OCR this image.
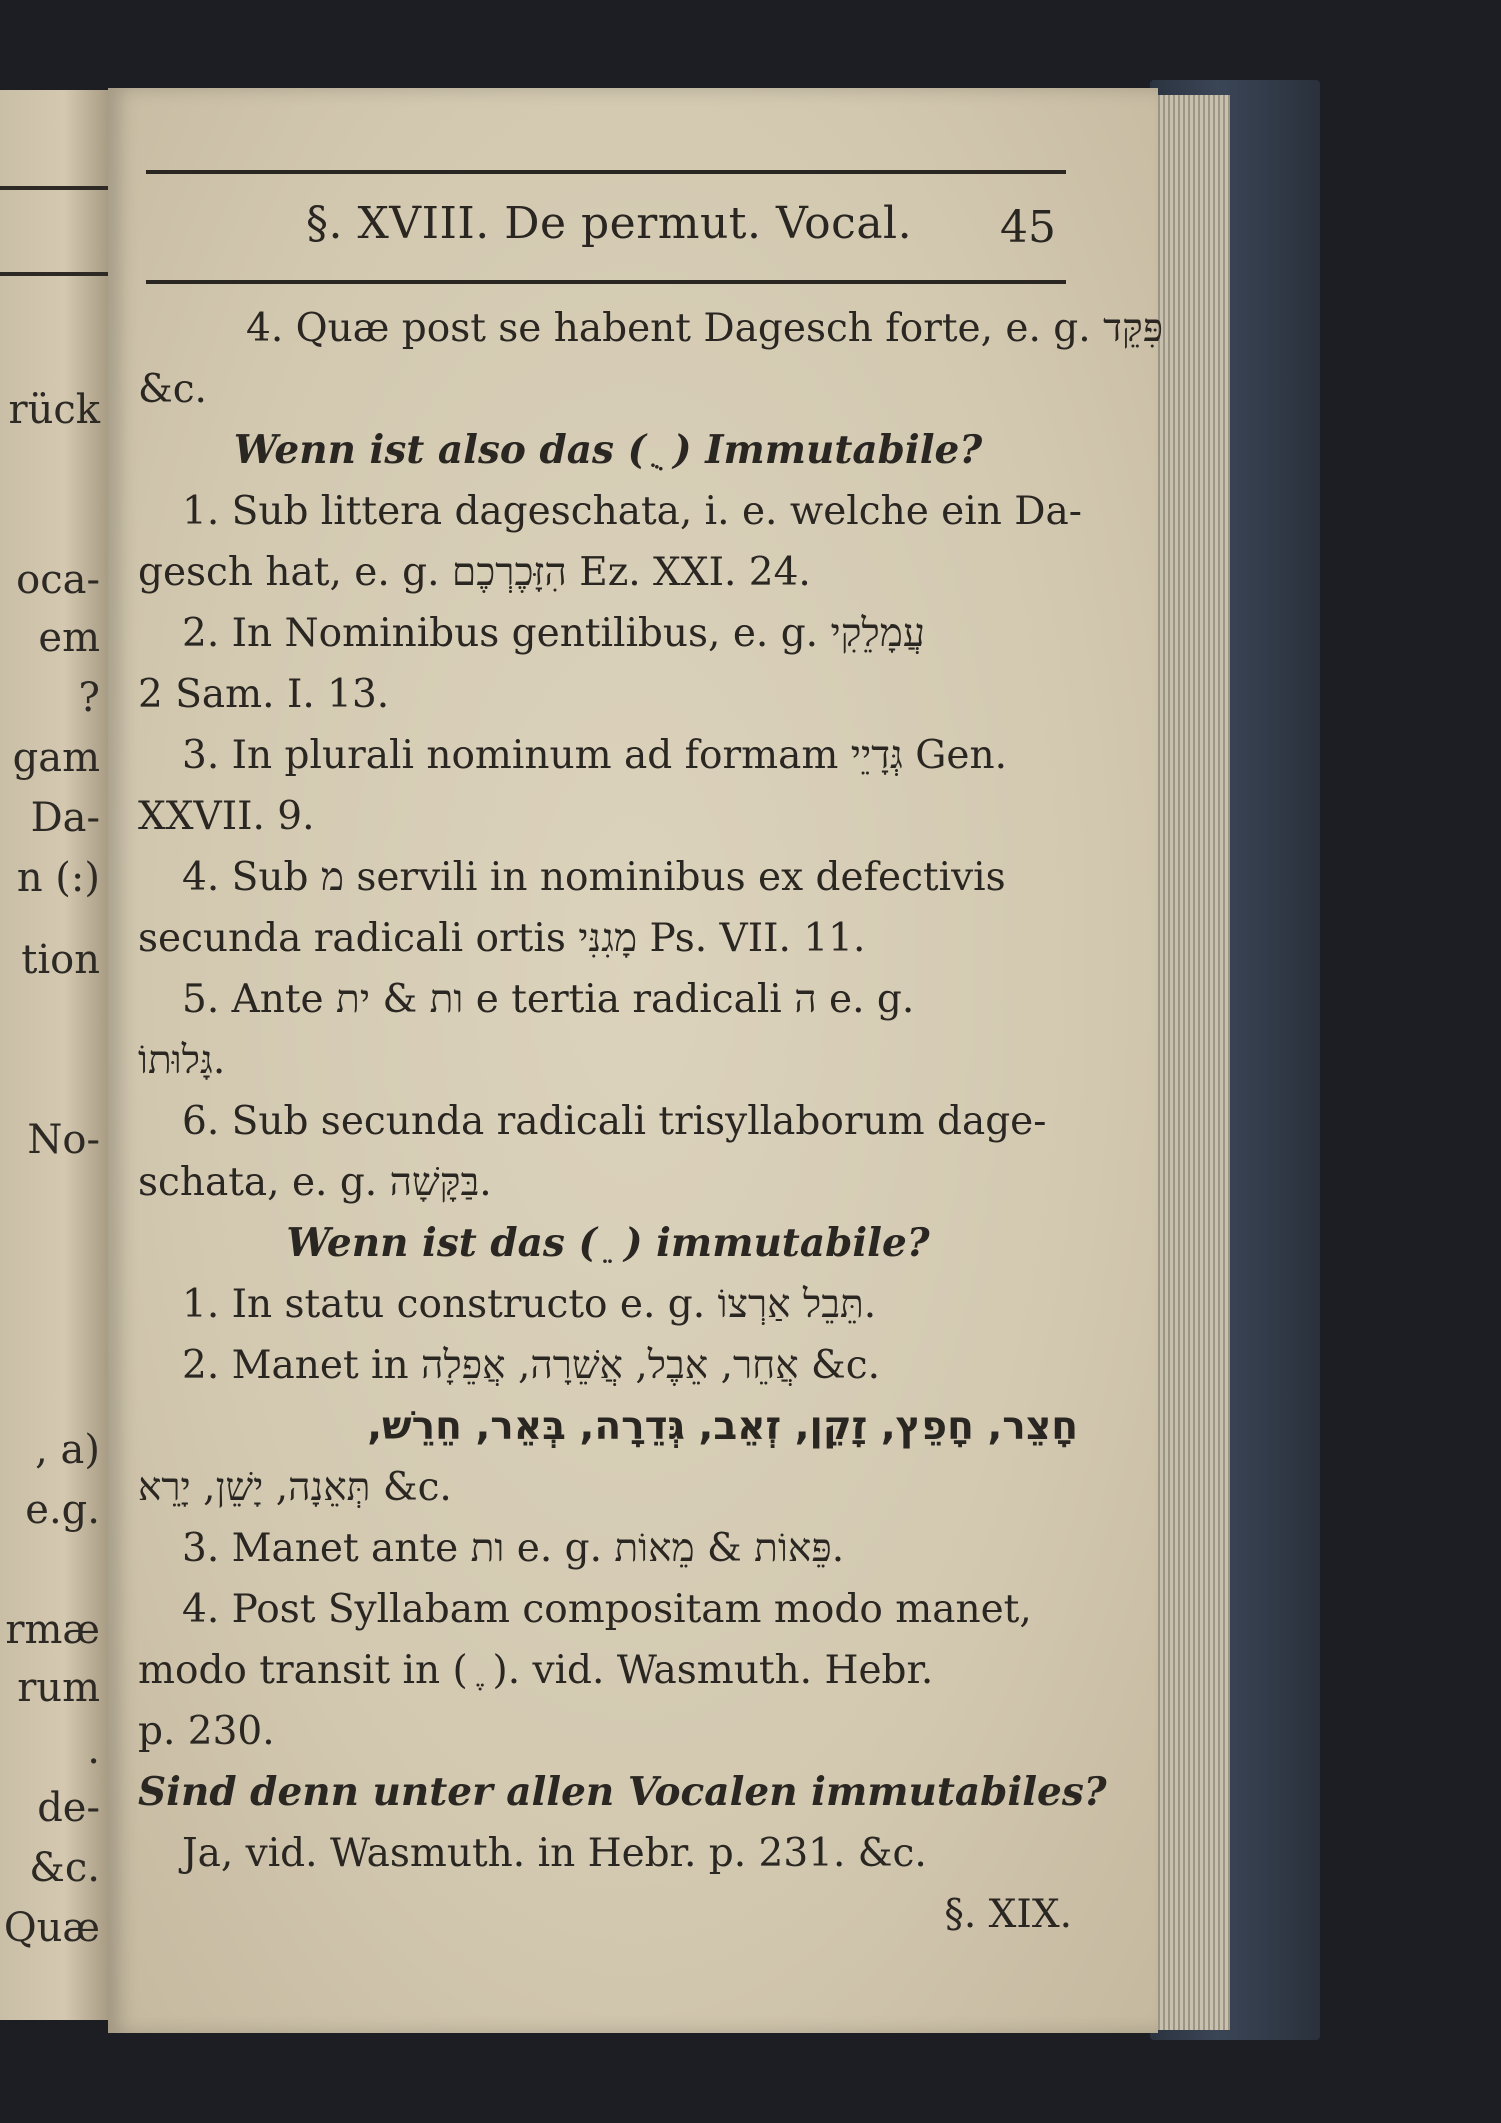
rück
oca-
em
?
gam
Da-
n (:)
tion
No-
, a)
e.g.
rmæ
rum
.
de-
&c.
Quæ
§. XVIII. De permut. Vocal. 45
4. Quæ post se habent Dagesch forte, e. g. פִּקֵּד
&c.
Wenn ist also das ( ֻ ) Immutabile?
1. Sub littera dageschata, i. e. welche ein Da-
gesch hat, e. g. הִזָּכֶרְכֶם Ez. XXI. 24.
2. In Nominibus gentilibus, e. g. עֲמָלֵקִי
2 Sam. I. 13.
3. In plurali nominum ad formam גְּדָיֵי Gen.
XXVII. 9.
4. Sub מ servili in nominibus ex defectivis
secunda radicali ortis מָגִנִּי Ps. VII. 11.
5. Ante ות & ית e tertia radicali ה e. g.
גָּלוּתוֹ.
6. Sub secunda radicali trisyllaborum dage-
schata, e. g. בַּקָּשָׁה.
Wenn ist das ( ֵ ) immutabile?
1. In statu constructo e. g. תֵּבֵל אַרְצוֹ.
2. Manet in אֲחֵר, אֵבֶל, אֲשֵׁרָה, אֲפֵלָה &c.
חָצֵר, חָפֵץ, זָקֵן, זְאֵב, גְּדֵרָה, בְּאֵר, חֵרֵשׁ,
תְּאֵנָה, יָשֵׁן, יָרֵא &c.
3. Manet ante ות e. g. פֵּאוֹת & מֵאוֹת.
4. Post Syllabam compositam modo manet,
modo transit in ( ֶ ). vid. Wasmuth. Hebr.
p. 230.
Sind denn unter allen Vocalen immutabiles?
Ja, vid. Wasmuth. in Hebr. p. 231. &c.
§. XIX.
